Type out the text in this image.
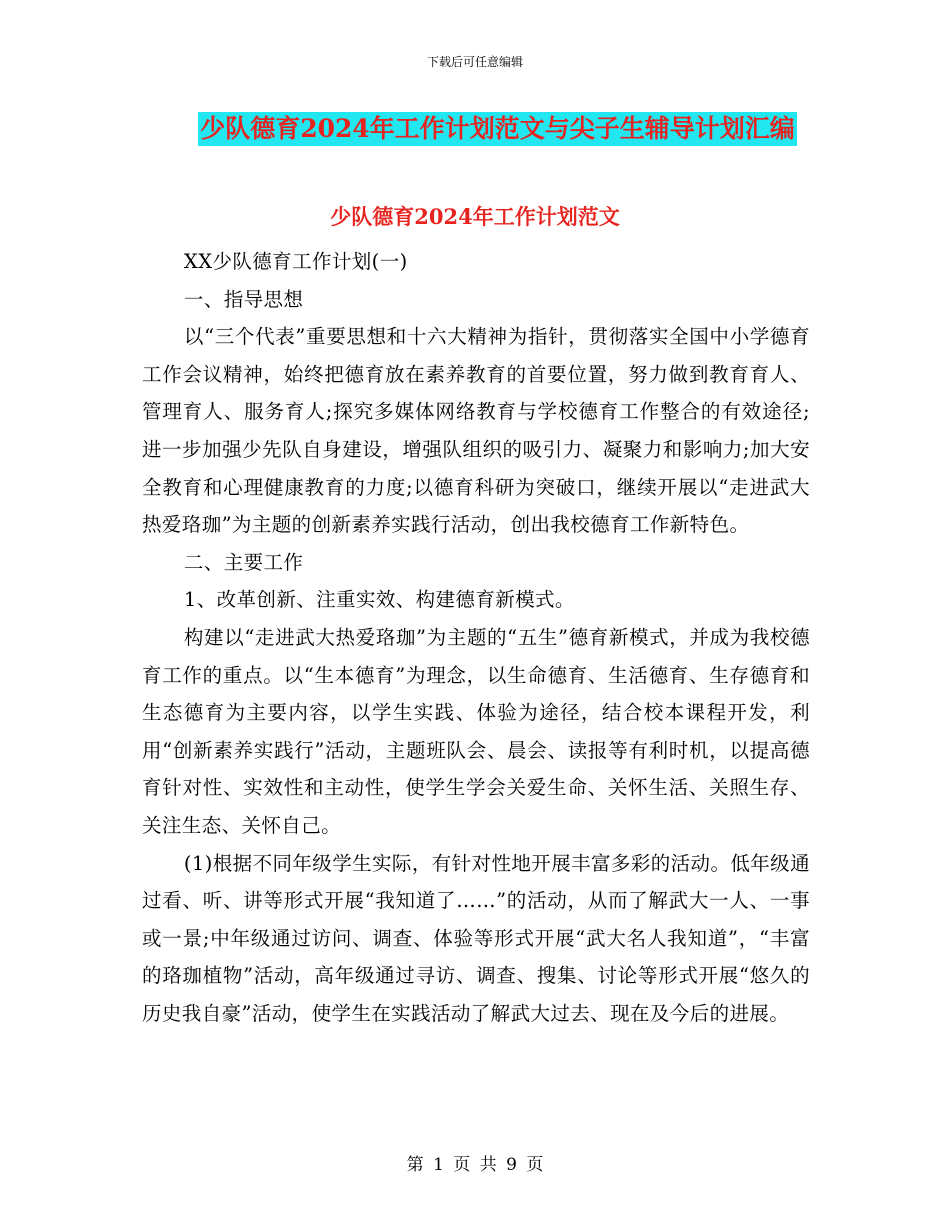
下载后可任意编辑
少队德育2024年工作计划范文与尖子生辅导计划汇编
少队德育2024年工作计划范文

XX少队德育工作计划(一)

一、指导思想

以“三个代表”重要思想和十六大精神为指针，贯彻落实全国中小学德育工作会议精神，始终把德育放在素养教育的首要位置，努力做到教育育人、管理育人、服务育人;探究多媒体网络教育与学校德育工作整合的有效途径;进一步加强少先队自身建设，增强队组织的吸引力、凝聚力和影响力;加大安全教育和心理健康教育的力度;以德育科研为突破口，继续开展以“走进武大热爱珞珈”为主题的创新素养实践行活动，创出我校德育工作新特色。

二、主要工作

1、改革创新、注重实效、构建德育新模式。

构建以“走进武大热爱珞珈”为主题的“五生”德育新模式，并成为我校德育工作的重点。以“生本德育”为理念，以生命德育、生活德育、生存德育和生态德育为主要内容，以学生实践、体验为途径，结合校本课程开发，利用“创新素养实践行”活动，主题班队会、晨会、读报等有利时机，以提高德育针对性、实效性和主动性，使学生学会关爱生命、关怀生活、关照生存、关注生态、关怀自己。

(1)根据不同年级学生实际，有针对性地开展丰富多彩的活动。低年级通过看、听、讲等形式开展“我知道了……”的活动，从而了解武大一人、一事或一景;中年级通过访问、调查、体验等形式开展“武大名人我知道”，“丰富的珞珈植物”活动，高年级通过寻访、调查、搜集、讨论等形式开展“悠久的历史我自豪”活动，使学生在实践活动了解武大过去、现在及今后的进展。

第 1 页 共 9 页
